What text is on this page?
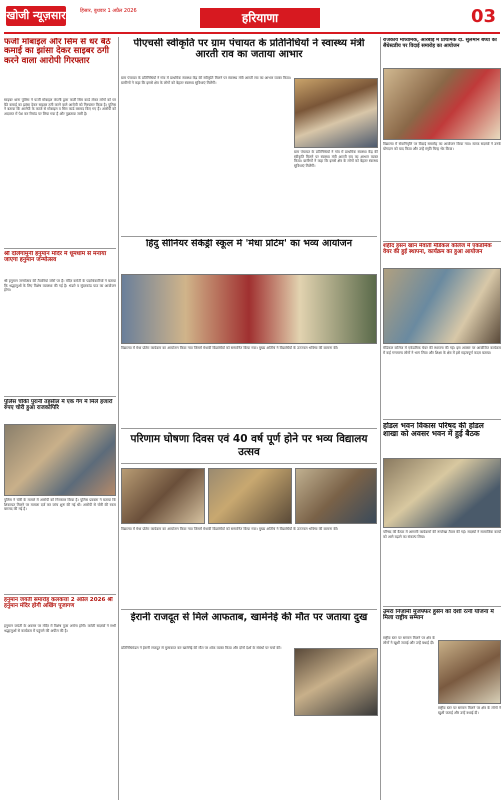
खोजी न्यूज़सार	हिसार, बुधवार 1 अप्रैल 2026	हरियाणा	03
फर्जी मोबाइल और सिम से धर बैठे कमाई का झांसा देकर साइबर ठगी करने वाला आरोपी गिरफ्तार
साइबर थाना पुलिस ने फर्जी मोबाइल कंपनी द्वारा फर्जी सिम कार्ड लेकर लोगों को घर बैठे कमाई का झांसा देकर साइबर ठगी करने वाले आरोपी को गिरफ्तार किया है। पुलिस ने बताया कि आरोपी के कब्जे से मोबाइल व सिम कार्ड बरामद किए गए हैं। आरोपी को अदालत में पेश कर रिमांड पर लिया गया है और पूछताछ जारी है।
श्री दलिगामुनी हनुमान मंदिर में धूमधाम से मनाया जाएगा हनुमान जन्मोत्सव
श्री हनुमान जन्मोत्सव की तैयारियां जोरों पर हैं। मंदिर कमेटी के पदाधिकारियों ने बताया कि श्रद्धालुओं के लिए विशेष व्यवस्था की गई है। भंडारे व सुंदरकांड पाठ का आयोजन होगा।
पुलिस चौकी पुरानी तहसील में एक गैंग में मिले हजारों रुपए चोरी हुआ राजकोपिरि
पुलिस ने चोरी के मामले में आरोपी को गिरफ्तार किया है। पुलिस प्रवक्ता ने बताया कि शिकायत मिलने पर मामला दर्ज कर जांच शुरू की गई थी। आरोपी से चोरी की रकम बरामद की गई है।
हनुमान जयंती समारोह कलकत्ता 2 अप्रैल 2026 श्री हनुमान मंदिर होगी अखिंग पूजागण
हनुमान जयंती के अवसर पर मंदिर में विशेष पूजा अर्चना होगी। कमेटी सदस्यों ने सभी श्रद्धालुओं से कार्यक्रम में पहुंचने की अपील की है।
पीएचसी स्वीकृति पर ग्राम पंचायत के प्रतिनिधियों ने स्वास्थ्य मंत्री आरती राव का जताया आभार
ग्राम पंचायत के प्रतिनिधियों ने गांव में प्राथमिक स्वास्थ्य केंद्र की स्वीकृति मिलने पर स्वास्थ्य मंत्री आरती राव का आभार व्यक्त किया। ग्रामीणों ने कहा कि इससे क्षेत्र के लोगों को बेहतर स्वास्थ्य सुविधाएं मिलेंगी।
ग्राम पंचायत के प्रतिनिधियों ने गांव में प्राथमिक स्वास्थ्य केंद्र की स्वीकृति मिलने पर स्वास्थ्य मंत्री आरती राव का आभार व्यक्त किया। ग्रामीणों ने कहा कि इससे क्षेत्र के लोगों को बेहतर स्वास्थ्य सुविधाएं मिलेंगी।
हिंदु सीनियर सेकेंड्री स्कूल में 'मेधा प्रोटेम' का भव्य आयोजन
विद्यालय में मेधा प्रोटेम कार्यक्रम का आयोजन किया गया जिसमें मेधावी विद्यार्थियों को सम्मानित किया गया। मुख्य अतिथि ने विद्यार्थियों के उज्ज्वल भविष्य की कामना की।
परिणाम घोषणा दिवस एवं 40 वर्ष पूर्ण होने पर भव्य विद्यालय उत्सव
विद्यालय में मेधा प्रोटेम कार्यक्रम का आयोजन किया गया जिसमें मेधावी विद्यार्थियों को सम्मानित किया गया। मुख्य अतिथि ने विद्यार्थियों के उज्ज्वल भविष्य की कामना की।
ईरानी राजदूत से मिले आफताब, खामेनेई की मौत पर जताया दुख
प्रतिनिधिमंडल ने ईरानी राजदूत से मुलाकात कर खामेनेई की मौत पर शोक व्यक्त किया और दोनों देशों के संबंधों पर चर्चा की।
राजकीय माध्यमिक, आरबाई में प्राथमिक दा. सुलेमान बघ्यां को सैंधेस्टडीय पर विदाई समारोह का आयोजन
विद्यालय में सेवानिवृत्ति पर विदाई समारोह का आयोजन किया गया। स्टाफ सदस्यों ने उनके योगदान को याद किया और उन्हें स्मृति चिन्ह भेंट किया।
शहीद हसन खान मेवाती मेडिकल कॉलेज में एकडमिक वेयर की हुई स्थापना, कार्यक्रम का हुआ आयोजन
मेडिकल कॉलेज में एकेडमिक चेयर की स्थापना की गई। इस अवसर पर आयोजित कार्यक्रम में कई गणमान्य लोगों ने भाग लिया और शिक्षा के क्षेत्र में इसे महत्वपूर्ण कदम बताया।
होडल भवन विकास परिषद की होडल शाखा को अवसर भवन में हुई बैठक
परिषद की बैठक में आगामी कार्यक्रमों की रूपरेखा तैयार की गई। सदस्यों ने सामाजिक कार्यों को आगे बढ़ाने का संकल्प लिया।
उमरा निजामी मुजफ्फर हुसैन को देशी रत्नी योजना में मिला राष्ट्रीय सम्मान
राष्ट्रीय स्तर पर सम्मान मिलने पर क्षेत्र के लोगों ने खुशी जताई और उन्हें बधाई दी।
राष्ट्रीय स्तर पर सम्मान मिलने पर क्षेत्र के लोगों ने खुशी जताई और उन्हें बधाई दी।
